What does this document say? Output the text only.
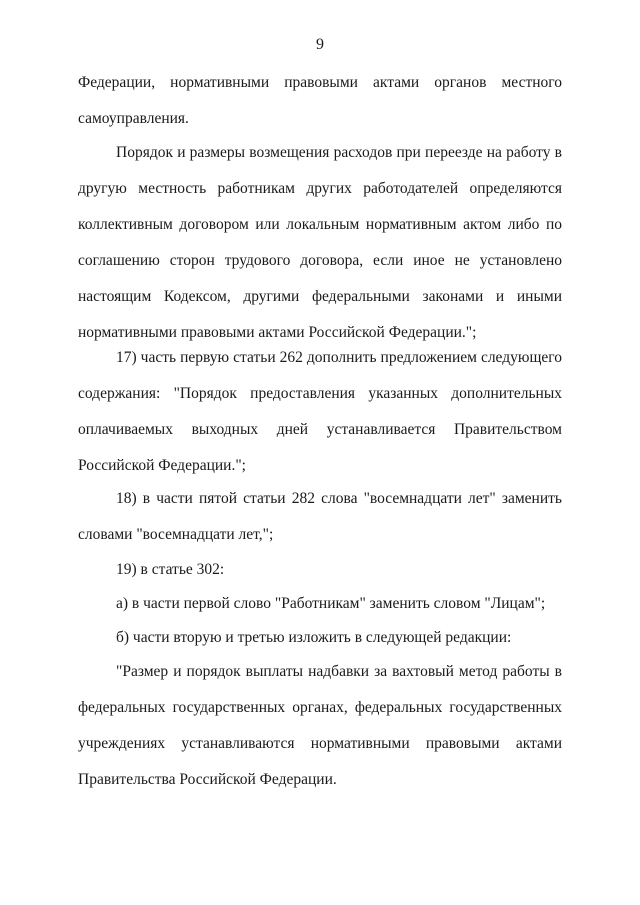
9
Федерации, нормативными правовыми актами органов местного
самоуправления.
Порядок и размеры возмещения расходов при переезде на работу в
другую местность работникам других работодателей определяются
коллективным договором или локальным нормативным актом либо по
соглашению сторон трудового договора, если иное не установлено
настоящим Кодексом, другими федеральными законами и иными
нормативными правовыми актами Российской Федерации.";
17) часть первую статьи 262 дополнить предложением следующего
содержания: "Порядок предоставления указанных дополнительных
оплачиваемых выходных дней устанавливается Правительством
Российской Федерации.";
18) в части пятой статьи 282 слова "восемнадцати лет" заменить
словами "восемнадцати лет,";
19) в статье 302:
а) в части первой слово "Работникам" заменить словом "Лицам";
б) части вторую и третью изложить в следующей редакции:
"Размер и порядок выплаты надбавки за вахтовый метод работы в
федеральных государственных органах, федеральных государственных
учреждениях устанавливаются нормативными правовыми актами
Правительства Российской Федерации.
